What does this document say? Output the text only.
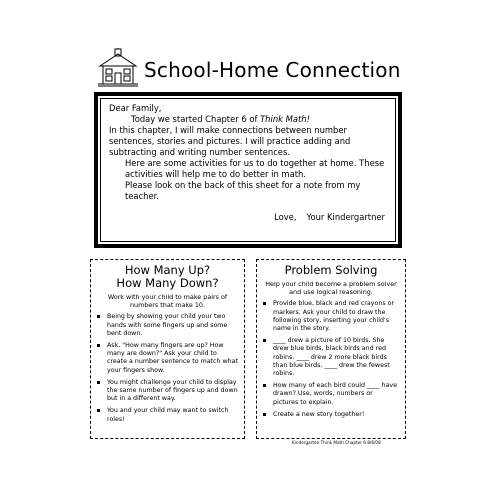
School-Home Connection

Dear Family,

Today we started Chapter 6 of Think Math!

In this chapter, I will make connections between number sentences, stories and pictures. I will practice adding and subtracting and writing number sentences.

Here are some activities for us to do together at home. These activities will help me to do better in math.

Please look on the back of this sheet for a note from my teacher.

Love, Your Kindergartner

How Many Up?
How Many Down?

Work with your child to make pairs of numbers that make 10.

Being by showing your child your two hands with some fingers up and some bent down.
Ask, "How many fingers are up? How many are down?" Ask your child to create a number sentence to match what your fingers show.
You might challenge your child to display the same number of fingers up and down but in a different way.
You and your child may want to switch roles!
Problem Solving

Help your child become a problem solver and use logical reasoning.

Provide blue, black and red crayons or markers. Ask your child to draw the following story, inserting your child's name in the story.
____ drew a picture of 10 birds. She drew blue birds, black birds and red robins. ____ drew 2 more black birds than blue birds. ____ drew the fewest robins.
How many of each bird could ____ have drawn? Use, words, numbers or pictures to explain.
Create a new story together!
Kindergarten Think Math Chapter 6 8/6/08
